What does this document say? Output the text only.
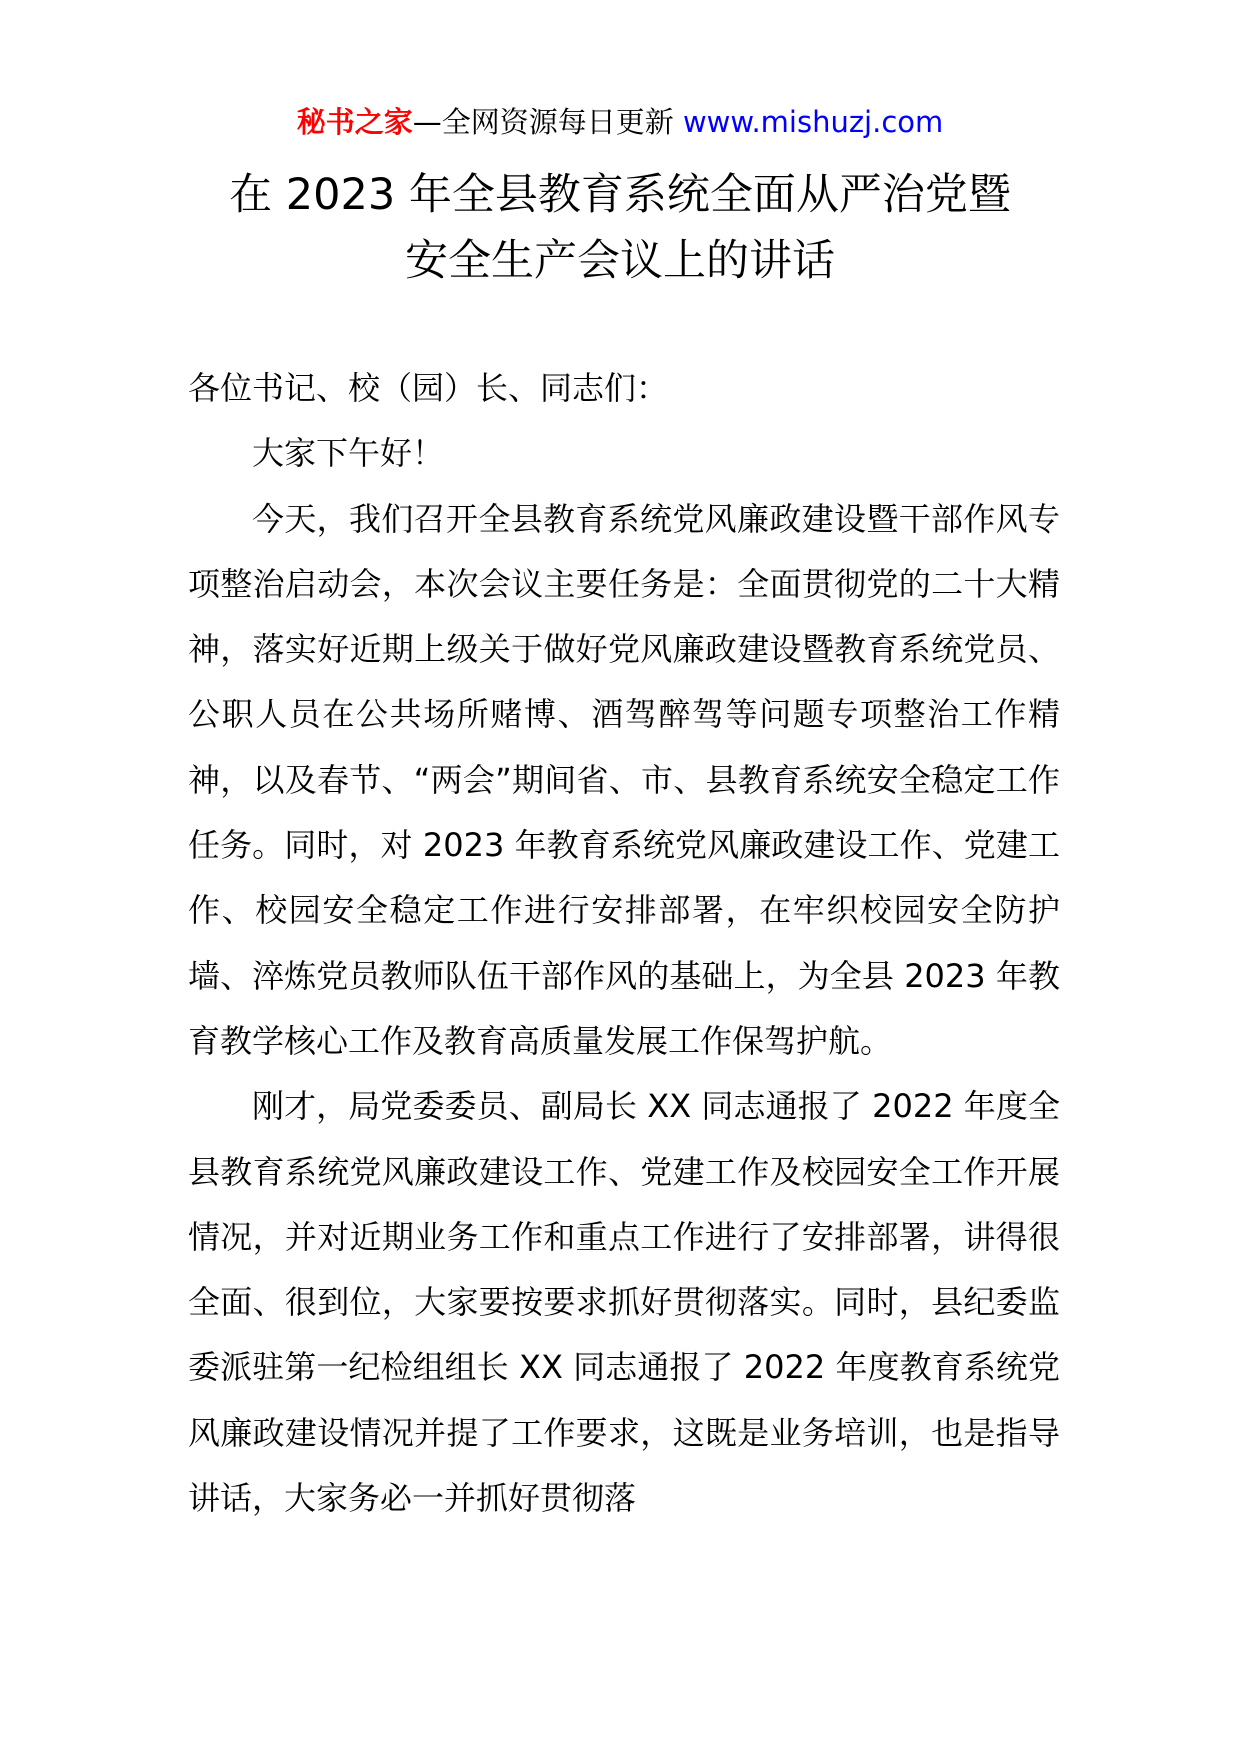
秘书之家—全网资源每日更新 www.mishuzj.com
在 2023 年全县教育系统全面从严治党暨
安全生产会议上的讲话

各位书记、校（园）长、同志们：

大家下午好！

今天，我们召开全县教育系统党风廉政建设暨干部作风专项整治启动会，本次会议主要任务是：全面贯彻党的二十大精神，落实好近期上级关于做好党风廉政建设暨教育系统党员、公职人员在公共场所赌博、酒驾醉驾等问题专项整治工作精神，以及春节、“两会”期间省、市、县教育系统安全稳定工作任务。同时，对 2023 年教育系统党风廉政建设工作、党建工作、校园安全稳定工作进行安排部署，在牢织校园安全防护墙、淬炼党员教师队伍干部作风的基础上，为全县 2023 年教育教学核心工作及教育高质量发展工作保驾护航。

刚才，局党委委员、副局长 XX 同志通报了 2022 年度全县教育系统党风廉政建设工作、党建工作及校园安全工作开展情况，并对近期业务工作和重点工作进行了安排部署，讲得很全面、很到位，大家要按要求抓好贯彻落实。同时，县纪委监委派驻第一纪检组组长 XX 同志通报了 2022 年度教育系统党风廉政建设情况并提了工作要求，这既是业务培训，也是指导讲话，大家务必一并抓好贯彻落
